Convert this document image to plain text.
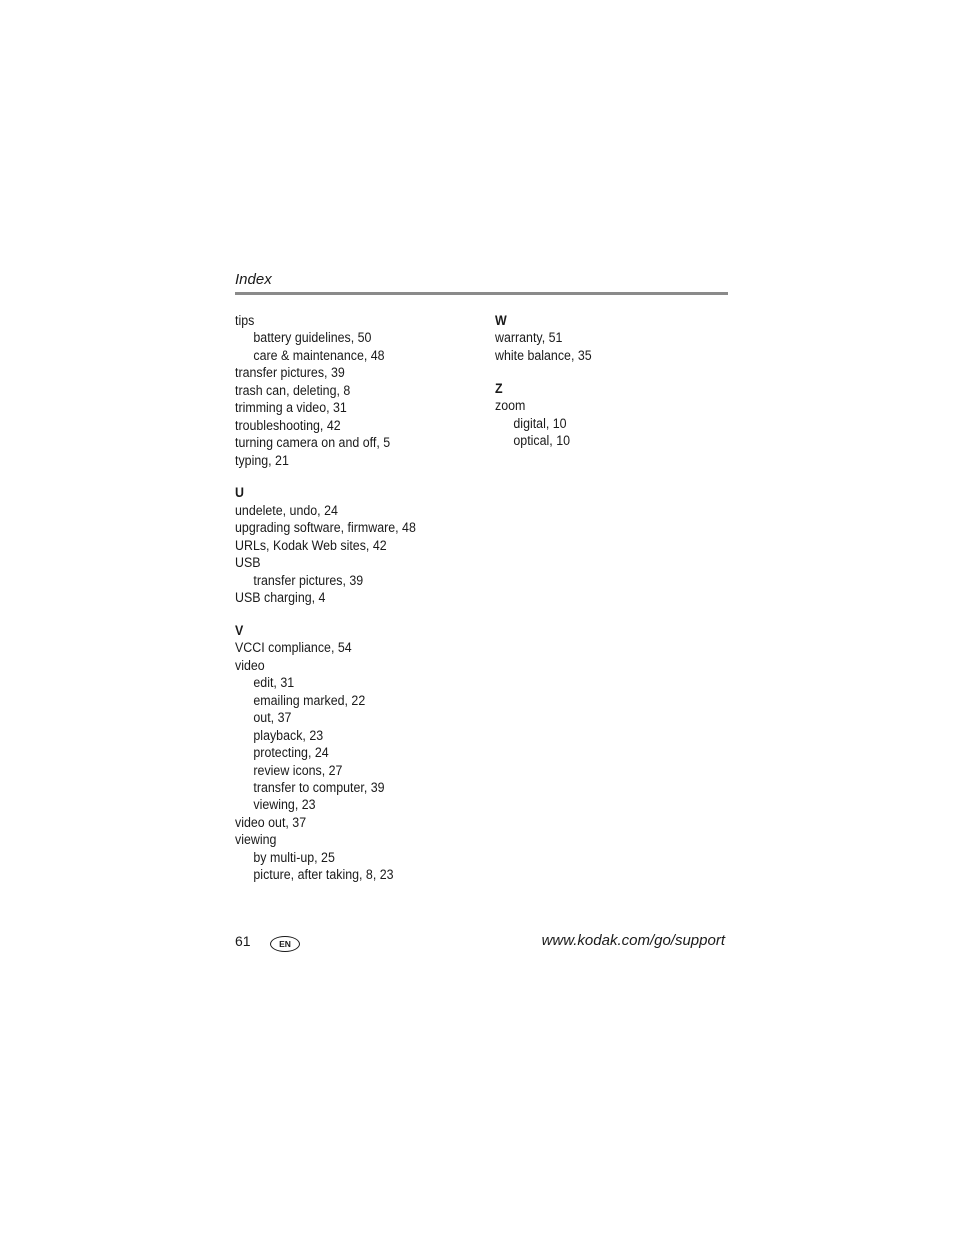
Index
tips
battery guidelines, 50
care & maintenance, 48
transfer pictures, 39
trash can, deleting, 8
trimming a video, 31
troubleshooting, 42
turning camera on and off, 5
typing, 21
U
undelete, undo, 24
upgrading software, firmware, 48
URLs, Kodak Web sites, 42
USB
transfer pictures, 39
USB charging, 4
V
VCCI compliance, 54
video
edit, 31
emailing marked, 22
out, 37
playback, 23
protecting, 24
review icons, 27
transfer to computer, 39
viewing, 23
video out, 37
viewing
by multi-up, 25
picture, after taking, 8, 23
W
warranty, 51
white balance, 35
Z
zoom
digital, 10
optical, 10
61	EN	www.kodak.com/go/support
